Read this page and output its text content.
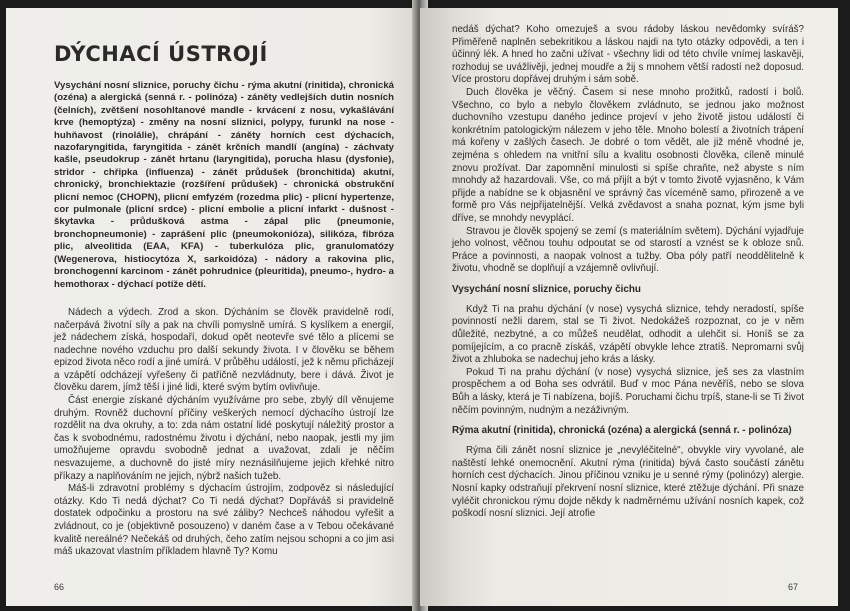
DÝCHACÍ ÚSTROJÍ

Vysychání nosní sliznice, poruchy čichu - rýma akutní (rinitida), chronická (ozéna) a alergická (senná r. - polinóza) - záněty vedlejších dutin nosních (čelních), zvětšení nosohltanové mandle - krvácení z nosu, vykašlávání krve (hemoptýza) - změny na nosní sliznici, polypy, furunkl na nose - huhňavost (rinolálie), chrápání - záněty horních cest dýchacích, nazofaryngitida, faryngitida - zánět krčních mandlí (angína) - záchvaty kašle, pseudokrup - zánět hrtanu (laryngitida), porucha hlasu (dysfonie), stridor - chřipka (influenza) - zánět průdušek (bronchitida) akutní, chronický, bronchiektazie (rozšíření průdušek) - chronická obstrukční plicní nemoc (CHOPN), plicní emfyzém (rozedma plic) - plicní hypertenze, cor pulmonale (plicní srdce) - plicní embolie a plicní infarkt - dušnost - škytavka - průdušková astma - zápal plic (pneumonie, bronchopneumonie) - zaprášení plic (pneumokonióza), silikóza, fibróza plic, alveolitida (EAA, KFA) - tuberkulóza plic, granulomatózy (Wegenerova, histiocytóza X, sarkoidóza) - nádory a rakovina plic, bronchogenní karcinom - zánět pohrudnice (pleuritida), pneumo-, hydro- a hemothorax - dýchací potíže dětí.

Nádech a výdech. Zrod a skon. Dýcháním se člověk pravidelně rodí, načerpává životní síly a pak na chvíli pomyslně umírá. S kyslíkem a energií, jež nádechem získá, hospodaří, dokud opět neotevře své tělo a plícemi se nadechne nového vzduchu pro další sekundy života. I v člověku se během epizod života něco rodí a jiné umírá. V průběhu událostí, jež k němu přicházejí a vzápětí odcházejí vyřešeny či patřičně nezvládnuty, bere i dává. Život je člověku darem, jímž těší i jiné lidi, které svým bytím ovlivňuje.

Část energie získané dýcháním využíváme pro sebe, zbylý díl věnujeme druhým. Rovněž duchovní příčiny veškerých nemocí dýchacího ústrojí lze rozdělit na dva okruhy, a to: zda nám ostatní lidé poskytují náležitý prostor a čas k svobodnému, radostnému životu i dýchání, nebo naopak, jestli my jim umožňujeme opravdu svobodně jednat a uvažovat, zdali je něčím nesvazujeme, a duchovně do jisté míry neznásilňujeme jejich křehké nitro příkazy a naplňováním ne jejich, nýbrž našich tužeb.

Máš-li zdravotní problémy s dýchacím ústrojím, zodpověz si následující otázky. Kdo Ti nedá dýchat? Co Ti nedá dýchat? Dopřáváš si pravidelně dostatek odpočinku a prostoru na své záliby? Nechceš náhodou vyřešit a zvládnout, co je (objektivně posouzeno) v daném čase a v Tebou očekávané kvalitě nereálné? Nečekáš od druhých, čeho zatím nejsou schopni a co jim asi máš ukazovat vlastním příkladem hlavně Ty? Komu

66

nedáš dýchat? Koho omezuješ a svou rádoby láskou nevědomky svíráš? Přiměřeně naplněn sebekritikou a láskou najdi na tyto otázky odpovědi, a ten i účinný lék. A hned ho začni užívat - všechny lidi od této chvíle vnímej laskavěji, rozhoduj se uvážlivěji, jednej moudře a žij s mnohem větší radostí než doposud. Více prostoru dopřávej druhým i sám sobě.

Duch člověka je věčný. Časem si nese mnoho prožitků, radostí i bolů. Všechno, co bylo a nebylo člověkem zvládnuto, se jednou jako možnost duchovního vzestupu daného jedince projeví v jeho životě jistou událostí či konkrétním patologickým nálezem v jeho těle. Mnoho bolestí a životních trápení má kořeny v zašlých časech. Je dobré o tom vědět, ale již méně vhodné je, zejména s ohledem na vnitřní sílu a kvalitu osobnosti člověka, cíleně minulé znovu prožívat. Dar zapomnění minulosti si spíše chraňte, než abyste s ním mnohdy až hazardovali. Vše, co má přijít a být v tomto životě vyjasněno, k Vám přijde a nabídne se k objasnění ve správný čas víceméně samo, přirozeně a ve formě pro Vás nejpřijatelnější. Velká zvědavost a snaha poznat, kým jsme byli dříve, se mnohdy nevyplácí.

Stravou je člověk spojený se zemí (s materiálním světem). Dýchání vyjadřuje jeho volnost, věčnou touhu odpoutat se od starostí a vznést se k obloze snů. Práce a povinnosti, a naopak volnost a tužby. Oba póly patří neoddělitelně k životu, vhodně se doplňují a vzájemně ovlivňují.

Vysychání nosní sliznice, poruchy čichu

Když Ti na prahu dýchání (v nose) vysychá sliznice, tehdy neradostí, spíše povinností nežli darem, stal se Ti život. Nedokážeš rozpoznat, co je v něm důležité, nezbytné, a co můžeš neudělat, odhodit a ulehčit si. Honíš se za pomíjejícím, a co pracně získáš, vzápětí obvykle lehce ztratíš. Nepromarni svůj život a zhluboka se nadechuj jeho krás a lásky.

Pokud Ti na prahu dýchání (v nose) vysychá sliznice, ješ ses za vlastním prospěchem a od Boha ses odvrátil. Buď v moc Pána nevěříš, nebo se slova Bůh a lásky, která je Ti nabízena, bojíš. Poruchami čichu trpíš, stane-li se Ti život něčím povinným, nudným a nezáživným.

Rýma akutní (rinitida), chronická (ozéna) a alergická (senná r. - polinóza)

Rýma čili zánět nosní sliznice je „nevyléčitelné", obvykle viry vyvolané, ale naštěstí lehké onemocnění. Akutní rýma (rinitida) bývá často součástí zánětu horních cest dýchacích. Jinou příčinou vzniku je u senné rýmy (polinózy) alergie. Nosní kapky odstraňují překrvení nosní sliznice, které ztěžuje dýchání. Při snaze vyléčit chronickou rýmu dojde někdy k nadměrnému užívání nosních kapek, což poškodí nosní sliznici. Její atrofie

67
